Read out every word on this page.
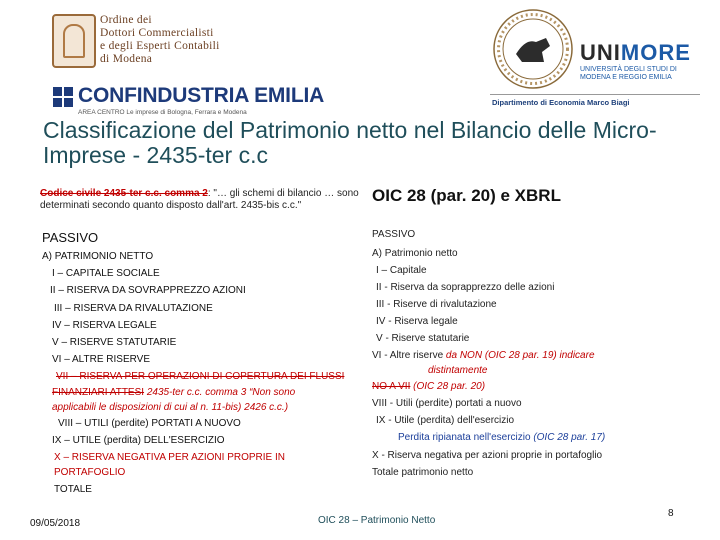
Ordine dei
Dottori Commercialisti
e degli Esperti Contabili
di Modena
CONFINDUSTRIA EMILIA
AREA CENTRO Le imprese di Bologna, Ferrara e Modena
UNIMORE
UNIVERSITÀ DEGLI STUDI DI
MODENA E REGGIO EMILIA
Dipartimento di Economia Marco Biagi
Classificazione del Patrimonio netto nel Bilancio delle Micro-Imprese - 2435-ter c.c
Codice civile 2435-ter c.c. comma 2: "… gli schemi di bilancio … sono determinati secondo quanto disposto dall'art. 2435-bis c.c."
PASSIVO
A) PATRIMONIO NETTO
I – CAPITALE SOCIALE
II – RISERVA DA SOVRAPPREZZO AZIONI
III – RISERVA DA RIVALUTAZIONE
IV – RISERVA LEGALE
V – RISERVE STATUTARIE
VI – ALTRE RISERVE
VII – RISERVA PER OPERAZIONI DI COPERTURA DEI FLUSSI
FINANZIARI ATTESI 2435-ter c.c. comma 3 “Non sono
applicabili le disposizioni di cui al n. 11-bis) 2426 c.c.)
VIII – UTILI (perdite) PORTATI A NUOVO
IX – UTILE (perdita) DELL'ESERCIZIO
X – RISERVA NEGATIVA PER AZIONI PROPRIE IN
PORTAFOGLIO
TOTALE
OIC 28 (par. 20) e XBRL
PASSIVO
A) Patrimonio netto
I – Capitale
II - Riserva da soprapprezzo delle azioni
III - Riserve di rivalutazione
IV - Riserva legale
V - Riserve statutarie
VI - Altre riserve da NON (OIC 28 par. 19) indicare
distintamente
NO A VII (OIC 28 par. 20)
VIII - Utili (perdite) portati a nuovo
IX - Utile (perdita) dell'esercizio
Perdita ripianata nell'esercizio (OIC 28 par. 17)
X - Riserva negativa per azioni proprie in portafoglio
Totale patrimonio netto
09/05/2018	OIC 28 – Patrimonio Netto
8
